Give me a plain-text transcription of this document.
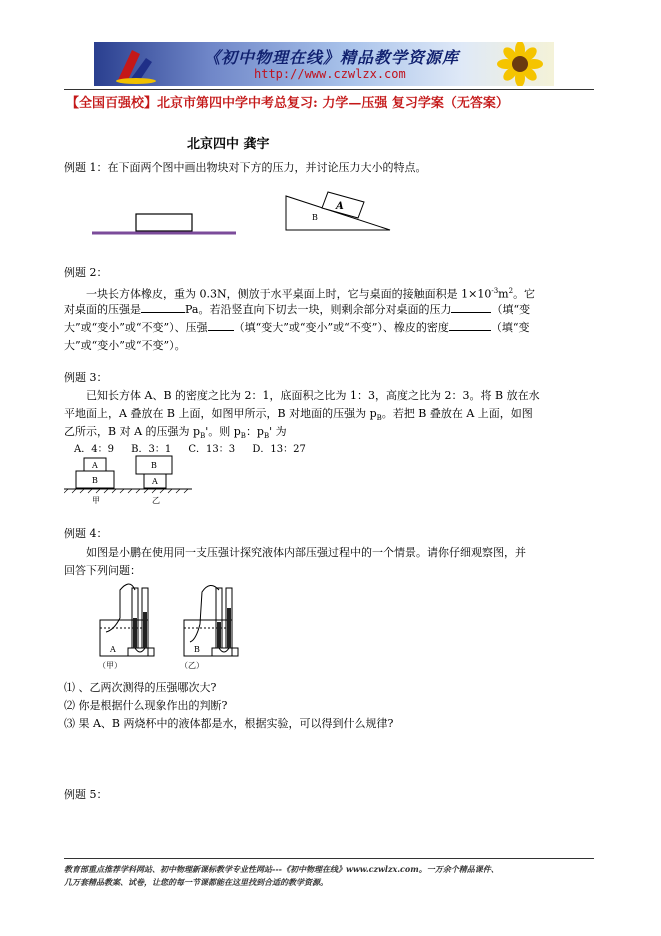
《初中物理在线》精品教学资源库
http://www.czwlzx.com
【全国百强校】北京市第四中学中考总复习: 力学—压强 复习学案（无答案）
北京四中 龚宇
例题 1：在下面两个图中画出物块对下方的压力，并讨论压力大小的特点。
A
B
例题 2：
一块长方体橡皮，重为 0.3N，侧放于水平桌面上时，它与桌面的接触面积是 $1\times 10^{-3}m^2$。它
对桌面的压强是	Pa。若沿竖直向下切去一块，则剩余部分对桌面的压力	（填“变
大”或“变小”或“不变”）、压强 （填“变大”或“变小”或“不变”）、橡皮的密度	（填“变
大”或“变小”或“不变”）。
例题 3：
已知长方体 A、B 的密度之比为 2：1，底面积之比为 1：3，高度之比为 2：3。将 B 放在水
平地面上，A 叠放在 B 上面，如图甲所示，B 对地面的压强为 $p_B$。若把 B 叠放在 A 上面，如图
乙所示，B 对 A 的压强为 $p_B'$。则 $p_B$：$p_B'$ 为
A．4：9 B．3：1 C．13：3 D．13：27
A
B
B
A
甲	乙
例题 4：
如图是小鹏在使用同一支压强计探究液体内部压强过程中的一个情景。请你仔细观察图，并
回答下列问题：
A	B
（甲）	（乙）
⑴ 、乙两次测得的压强哪次大?
⑵ 你是根据什么现象作出的判断?
⑶ 果 A、B 两烧杯中的液体都是水，根据实验，可以得到什么规律?
例题 5：
教育部重点推荐学科网站、初中物理新课标教学专业性网站---《初中物理在线》www.czwlzx.com。一万余个精品课件、
几万套精品教案、试卷，让您的每一节课都能在这里找到合适的教学资源。
